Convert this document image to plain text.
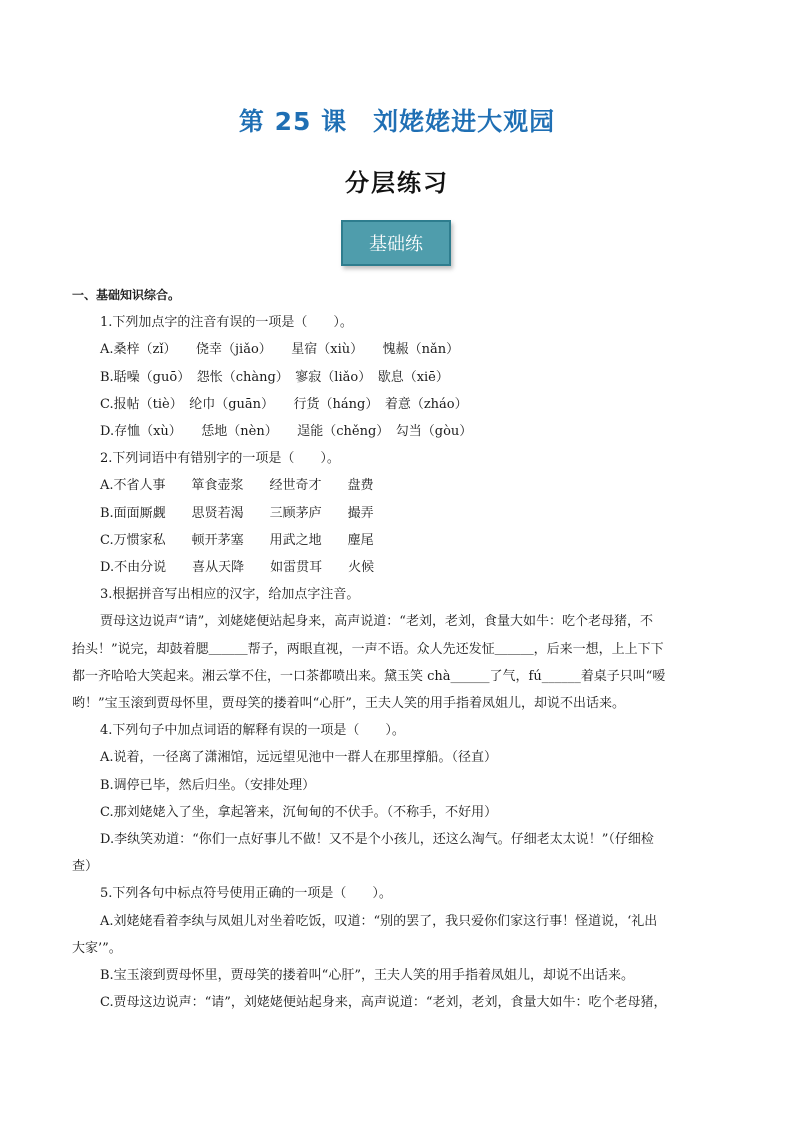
第 25 课　刘姥姥进大观园
分层练习
基础练
一、基础知识综合。
1.下列加点字的注音有误的一项是（　　）。
A.桑梓（zǐ）　　侥幸（jiǎo）　　星宿（xiù）　　愧赧（nǎn）
B.聒噪（guō）　怨怅（chàng）　寥寂（liǎo）　歇息（xiē）
C.报帖（tiè）　纶巾（guān）　　行货（háng）　着意（zháo）
D.存恤（xù）　　恁地（nèn）　　逞能（chěng）　勾当（gòu）
2.下列词语中有错别字的一项是（　　）。
A.不省人事　　箪食壶浆　　经世奇才　　盘费
B.面面厮觑　　思贤若渴　　三顾茅庐　　撮弄
C.万惯家私　　顿开茅塞　　用武之地　　麈尾
D.不由分说　　喜从天降　　如雷贯耳　　火候
3.根据拼音写出相应的汉字，给加点字注音。
贾母这边说声“请”，刘姥姥便站起身来，高声说道：“老刘，老刘，食量大如牛：吃个老母猪，不
抬头！”说完，却鼓着腮＿＿＿帮子，两眼直视，一声不语。众人先还发怔＿＿＿，后来一想，上上下下
都一齐哈哈大笑起来。湘云掌不住，一口茶都喷出来。黛玉笑 chà______了气，fú______着桌子只叫“嗳
哟！”宝玉滚到贾母怀里，贾母笑的搂着叫“心肝”，王夫人笑的用手指着凤姐儿，却说不出话来。
4.下列句子中加点词语的解释有误的一项是（　　）。
A.说着，一径离了潇湘馆，远远望见池中一群人在那里撑船。（径直）
B.调停已毕，然后归坐。（安排处理）
C.那刘姥姥入了坐，拿起箸来，沉甸甸的不伏手。（不称手，不好用）
D.李纨笑劝道：“你们一点好事儿不做！又不是个小孩儿，还这么淘气。仔细老太太说！”（仔细检
查）
5.下列各句中标点符号使用正确的一项是（　　）。
A.刘姥姥看着李纨与凤姐儿对坐着吃饭，叹道：“别的罢了，我只爱你们家这行事！怪道说，‘礼出
大家’”。
B.宝玉滚到贾母怀里，贾母笑的搂着叫“心肝”，王夫人笑的用手指着凤姐儿，却说不出话来。
C.贾母这边说声：“请”，刘姥姥便站起身来，高声说道：“老刘，老刘，食量大如牛：吃个老母猪，
